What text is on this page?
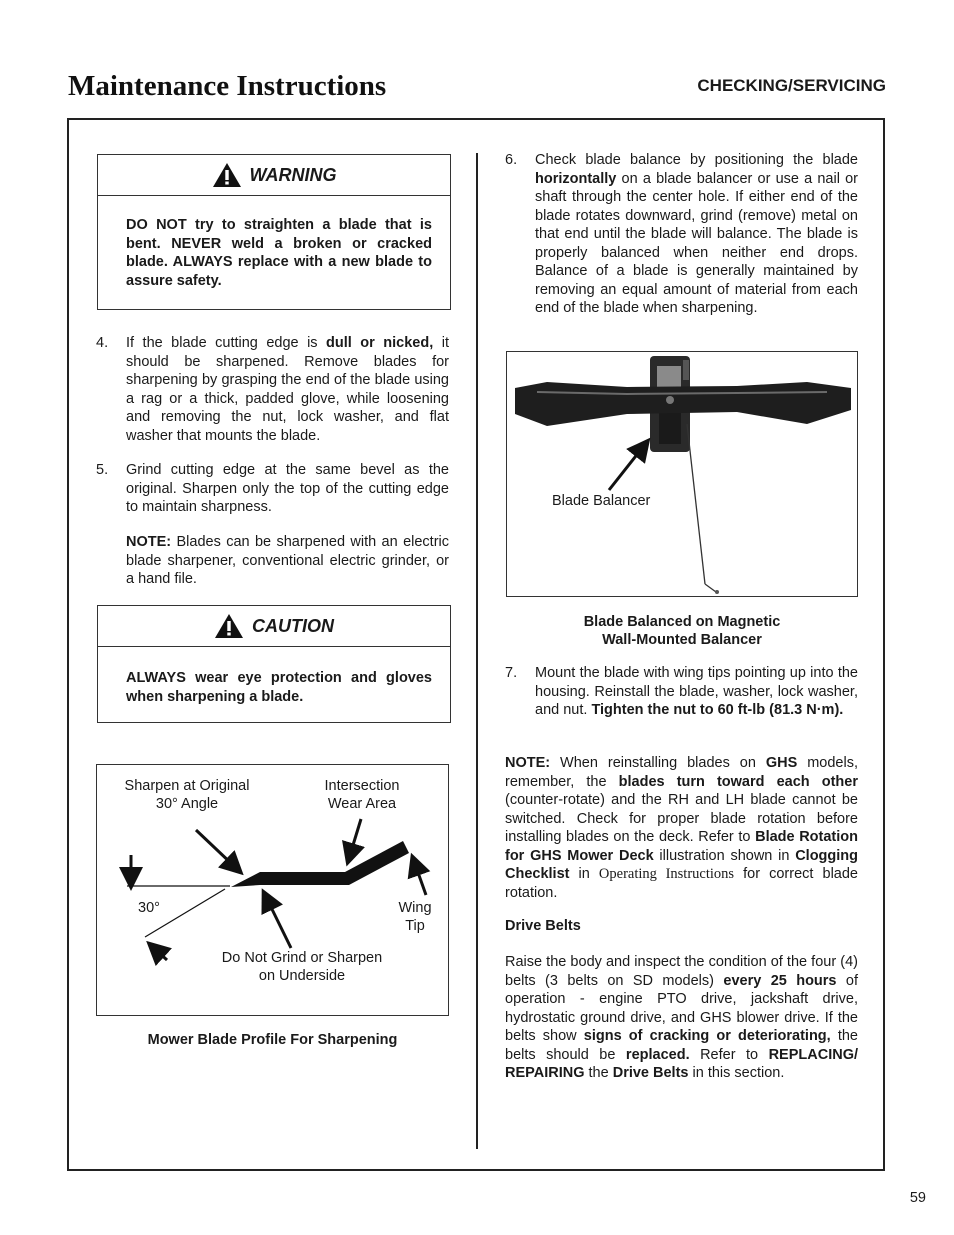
Maintenance Instructions	CHECKING/SERVICING
WARNING
DO NOT try to straighten a blade that is bent. NEVER weld a broken or cracked blade. ALWAYS replace with a new blade to assure safety.
4. If the blade cutting edge is dull or nicked, it should be sharpened. Remove blades for sharpening by grasping the end of the blade using a rag or a thick, padded glove, while loosening and removing the nut, lock washer, and flat washer that mounts the blade.
5. Grind cutting edge at the same bevel as the original. Sharpen only the top of the cutting edge to maintain sharpness.
NOTE: Blades can be sharpened with an electric blade sharpener, conventional electric grinder, or a hand file.
CAUTION
ALWAYS wear eye protection and gloves when sharpening a blade.
Sharpen at Original 30° Angle
Intersection Wear Area
30°	Wing Tip
Do Not Grind or Sharpen on Underside
Mower Blade Profile For Sharpening
6. Check blade balance by positioning the blade horizontally on a blade balancer or use a nail or shaft through the center hole. If either end of the blade rotates downward, grind (remove) metal on that end until the blade will balance. The blade is properly balanced when neither end drops. Balance of a blade is generally maintained by removing an equal amount of material from each end of the blade when sharpening.
Blade Balancer
Blade Balanced on Magnetic
Wall-Mounted Balancer
7. Mount the blade with wing tips pointing up into the housing. Reinstall the blade, washer, lock washer, and nut. Tighten the nut to 60 ft-lb (81.3 N·m).
NOTE: When reinstalling blades on GHS models, remember, the blades turn toward each other (counter-rotate) and the RH and LH blade cannot be switched. Check for proper blade rotation before installing blades on the deck. Refer to Blade Rotation for GHS Mower Deck illustration shown in Clogging Checklist in Operating Instructions for correct blade rotation.
Drive Belts
Raise the body and inspect the condition of the four (4) belts (3 belts on SD models) every 25 hours of operation - engine PTO drive, jackshaft drive, hydrostatic ground drive, and GHS blower drive. If the belts show signs of cracking or deteriorating, the belts should be replaced. Refer to REPLACING/ REPAIRING the Drive Belts in this section.
59
